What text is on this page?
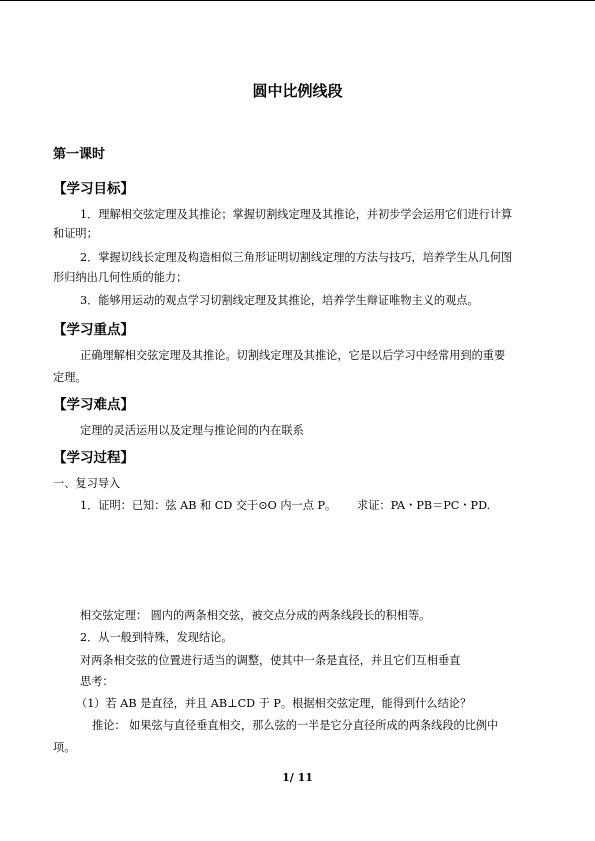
圆中比例线段
第一课时
【学习目标】
1．理解相交弦定理及其推论；掌握切割线定理及其推论，并初步学会运用它们进行计算
和证明；
2．掌握切线长定理及构造相似三角形证明切割线定理的方法与技巧，培养学生从几何图
形归纳出几何性质的能力；
3．能够用运动的观点学习切割线定理及其推论，培养学生辩证唯物主义的观点。
【学习重点】
正确理解相交弦定理及其推论。切割线定理及其推论，它是以后学习中经常用到的重要
定理。
【学习难点】
定理的灵活运用以及定理与推论间的内在联系
【学习过程】
一、复习导入
1．证明：已知：弦 AB 和 CD 交于⊙O 内一点 P。 求证：PA・PB＝PC・PD.
相交弦定理： 圆内的两条相交弦，被交点分成的两条线段长的积相等。
2．从一般到特殊，发现结论。
对两条相交弦的位置进行适当的调整，使其中一条是直径，并且它们互相垂直
思考：
（1）若 AB 是直径，并且 AB⊥CD 于 P。根据相交弦定理，能得到什么结论？
推论： 如果弦与直径垂直相交，那么弦的一半是它分直径所成的两条线段的比例中
项。
1/ 11
